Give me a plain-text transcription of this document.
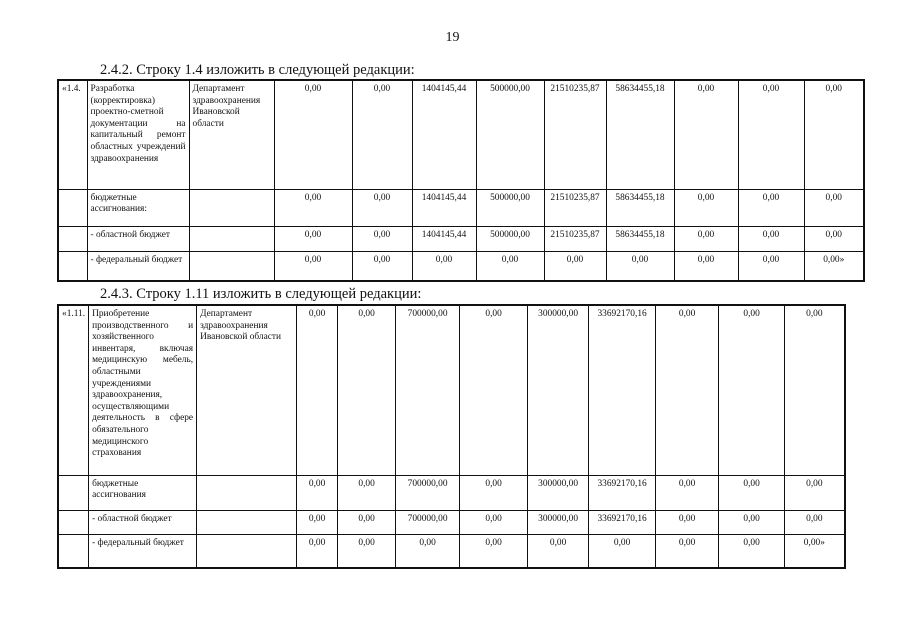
19
2.4.2. Строку 1.4 изложить в следующей редакции:
«1.4.	Разработка (корректировка) проектно-сметной документации на капитальный ремонт областных учреждений здравоохранения	Департамент здравоохранения Ивановской области	0,00	0,00	1404145,44	500000,00	21510235,87	58634455,18	0,00	0,00	0,00
	бюджетные ассигнования:		0,00	0,00	1404145,44	500000,00	21510235,87	58634455,18	0,00	0,00	0,00
	- областной бюджет		0,00	0,00	1404145,44	500000,00	21510235,87	58634455,18	0,00	0,00	0,00
	- федеральный бюджет		0,00	0,00	0,00	0,00	0,00	0,00	0,00	0,00	0,00»
2.4.3. Строку 1.11 изложить в следующей редакции:
«1.11.	Приобретение производственного и хозяйственного инвентаря, включая медицинскую мебель, областными учреждениями здравоохранения, осуществляющими деятельность в сфере обязательного медицинского страхования	Департамент здравоохранения Ивановской области	0,00	0,00	700000,00	0,00	300000,00	33692170,16	0,00	0,00	0,00
	бюджетные ассигнования		0,00	0,00	700000,00	0,00	300000,00	33692170,16	0,00	0,00	0,00
	- областной бюджет		0,00	0,00	700000,00	0,00	300000,00	33692170,16	0,00	0,00	0,00
	- федеральный бюджет		0,00	0,00	0,00	0,00	0,00	0,00	0,00	0,00	0,00»
